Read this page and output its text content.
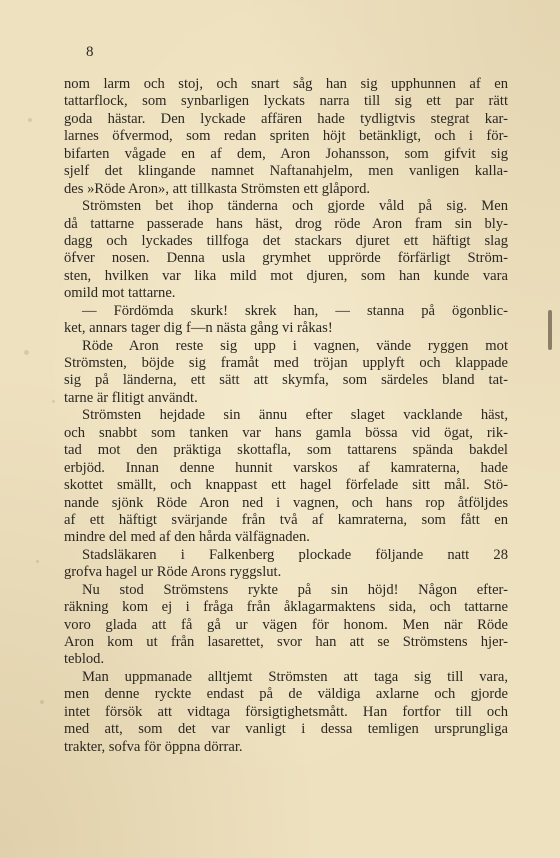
8
nom larm och stoj, och snart såg han sig upphunnen af en
tattarflock, som synbarligen lyckats narra till sig ett par rätt
goda hästar. Den lyckade affären hade tydligtvis stegrat kar-
larnes öfvermod, som redan spriten höjt betänkligt, och i för-
bifarten vågade en af dem, Aron Johansson, som gifvit sig
sjelf det klingande namnet Naftanahjelm, men vanligen kalla-
des »Röde Aron», att tillkasta Strömsten ett glåpord.
Strömsten bet ihop tänderna och gjorde våld på sig. Men
då tattarne passerade hans häst, drog röde Aron fram sin bly-
dagg och lyckades tillfoga det stackars djuret ett häftigt slag
öfver nosen. Denna usla grymhet upprörde förfärligt Ström-
sten, hvilken var lika mild mot djuren, som han kunde vara
omild mot tattarne.
— Fördömda skurk! skrek han, — stanna på ögonblic-
ket, annars tager dig f—n nästa gång vi råkas!
Röde Aron reste sig upp i vagnen, vände ryggen mot
Strömsten, böjde sig framåt med tröjan upplyft och klappade
sig på länderna, ett sätt att skymfa, som särdeles bland tat-
tarne är flitigt användt.
Strömsten hejdade sin ännu efter slaget vacklande häst,
och snabbt som tanken var hans gamla bössa vid ögat, rik-
tad mot den präktiga skottafla, som tattarens spända bakdel
erbjöd. Innan denne hunnit varskos af kamraterna, hade
skottet smällt, och knappast ett hagel förfelade sitt mål. Stö-
nande sjönk Röde Aron ned i vagnen, och hans rop åtföljdes
af ett häftigt svärjande från två af kamraterna, som fått en
mindre del med af den hårda välfägnaden.
Stadsläkaren i Falkenberg plockade följande natt 28
grofva hagel ur Röde Arons ryggslut.
Nu stod Strömstens rykte på sin höjd! Någon efter-
räkning kom ej i fråga från åklagarmaktens sida, och tattarne
voro glada att få gå ur vägen för honom. Men när Röde
Aron kom ut från lasarettet, svor han att se Strömstens hjer-
teblod.
Man uppmanade alltjemt Strömsten att taga sig till vara,
men denne ryckte endast på de väldiga axlarne och gjorde
intet försök att vidtaga försigtighetsmått. Han fortfor till och
med att, som det var vanligt i dessa temligen ursprungliga
trakter, sofva för öppna dörrar.
